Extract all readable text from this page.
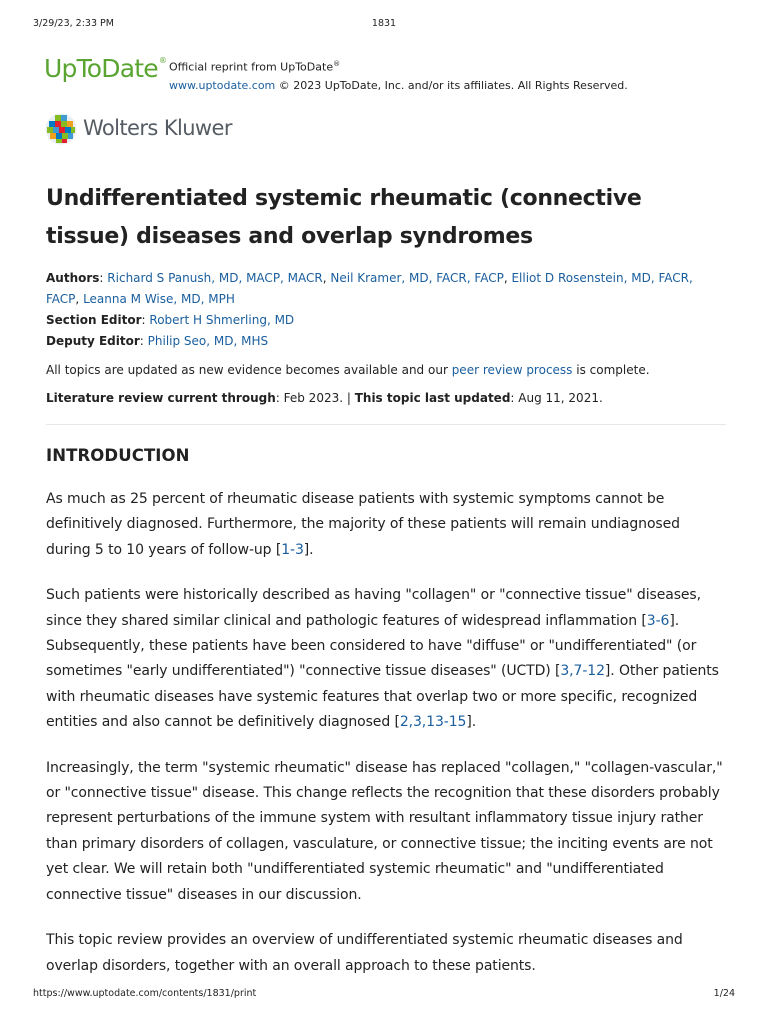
3/29/23, 2:33 PM	1831
UpToDate®
Official reprint from UpToDate®
www.uptodate.com © 2023 UpToDate, Inc. and/or its affiliates. All Rights Reserved.
Wolters Kluwer
Undifferentiated systemic rheumatic (connective tissue) diseases and overlap syndromes
Authors: Richard S Panush, MD, MACP, MACR, Neil Kramer, MD, FACR, FACP, Elliot D Rosenstein, MD, FACR, FACP, Leanna M Wise, MD, MPH
Section Editor: Robert H Shmerling, MD
Deputy Editor: Philip Seo, MD, MHS
All topics are updated as new evidence becomes available and our peer review process is complete.
Literature review current through: Feb 2023. | This topic last updated: Aug 11, 2021.
INTRODUCTION

As much as 25 percent of rheumatic disease patients with systemic symptoms cannot be definitively diagnosed. Furthermore, the majority of these patients will remain undiagnosed during 5 to 10 years of follow-up [1-3].

Such patients were historically described as having "collagen" or "connective tissue" diseases, since they shared similar clinical and pathologic features of widespread inflammation [3-6]. Subsequently, these patients have been considered to have "diffuse" or "undifferentiated" (or sometimes "early undifferentiated") "connective tissue diseases" (UCTD) [3,7-12]. Other patients with rheumatic diseases have systemic features that overlap two or more specific, recognized entities and also cannot be definitively diagnosed [2,3,13-15].

Increasingly, the term "systemic rheumatic" disease has replaced "collagen," "collagen-vascular," or "connective tissue" disease. This change reflects the recognition that these disorders probably represent perturbations of the immune system with resultant inflammatory tissue injury rather than primary disorders of collagen, vasculature, or connective tissue; the inciting events are not yet clear. We will retain both "undifferentiated systemic rheumatic" and "undifferentiated connective tissue" diseases in our discussion.

This topic review provides an overview of undifferentiated systemic rheumatic diseases and overlap disorders, together with an overall approach to these patients.

https://www.uptodate.com/contents/1831/print	1/24
